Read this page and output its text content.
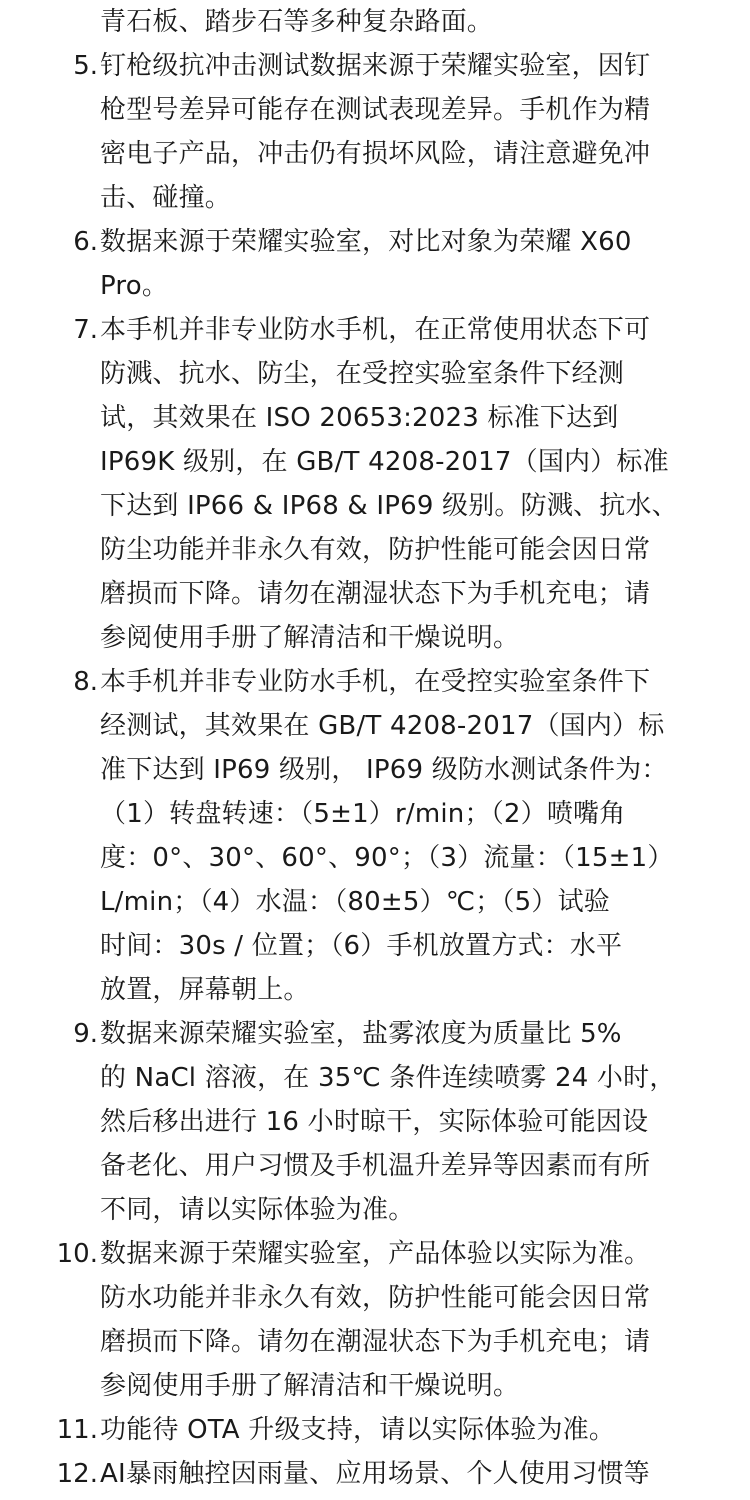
青石板、踏步石等多种复杂路面。
5. 钉枪级抗冲击测试数据来源于荣耀实验室，因钉
枪型号差异可能存在测试表现差异。手机作为精
密电子产品，冲击仍有损坏风险，请注意避免冲
击、碰撞。
6. 数据来源于荣耀实验室，对比对象为荣耀 X60
Pro。
7. 本手机并非专业防水手机，在正常使用状态下可
防溅、抗水、防尘，在受控实验室条件下经测
试，其效果在 ISO 20653:2023 标准下达到
IP69K 级别，在 GB/T 4208-2017（国内）标准
下达到 IP66 & IP68 & IP69 级别。防溅、抗水、
防尘功能并非永久有效，防护性能可能会因日常
磨损而下降。请勿在潮湿状态下为手机充电；请
参阅使用手册了解清洁和干燥说明。
8. 本手机并非专业防水手机，在受控实验室条件下
经测试，其效果在 GB/T 4208-2017（国内）标
准下达到 IP69 级别， IP69 级防水测试条件为：
（1）转盘转速：（5±1）r/min；（2）喷嘴角
度：0°、30°、60°、90°；（3）流量：（15±1）
L/min；（4）水温：（80±5）℃；（5）试验
时间：30s / 位置；（6）手机放置方式：水平
放置，屏幕朝上。
9. 数据来源荣耀实验室，盐雾浓度为质量比 5%
的 NaCl 溶液，在 35℃ 条件连续喷雾 24 小时，
然后移出进行 16 小时晾干，实际体验可能因设
备老化、用户习惯及手机温升差异等因素而有所
不同，请以实际体验为准。
10. 数据来源于荣耀实验室，产品体验以实际为准。
防水功能并非永久有效，防护性能可能会因日常
磨损而下降。请勿在潮湿状态下为手机充电；请
参阅使用手册了解清洁和干燥说明。
11. 功能待 OTA 升级支持，请以实际体验为准。
12. AI暴雨触控因雨量、应用场景、个人使用习惯等
